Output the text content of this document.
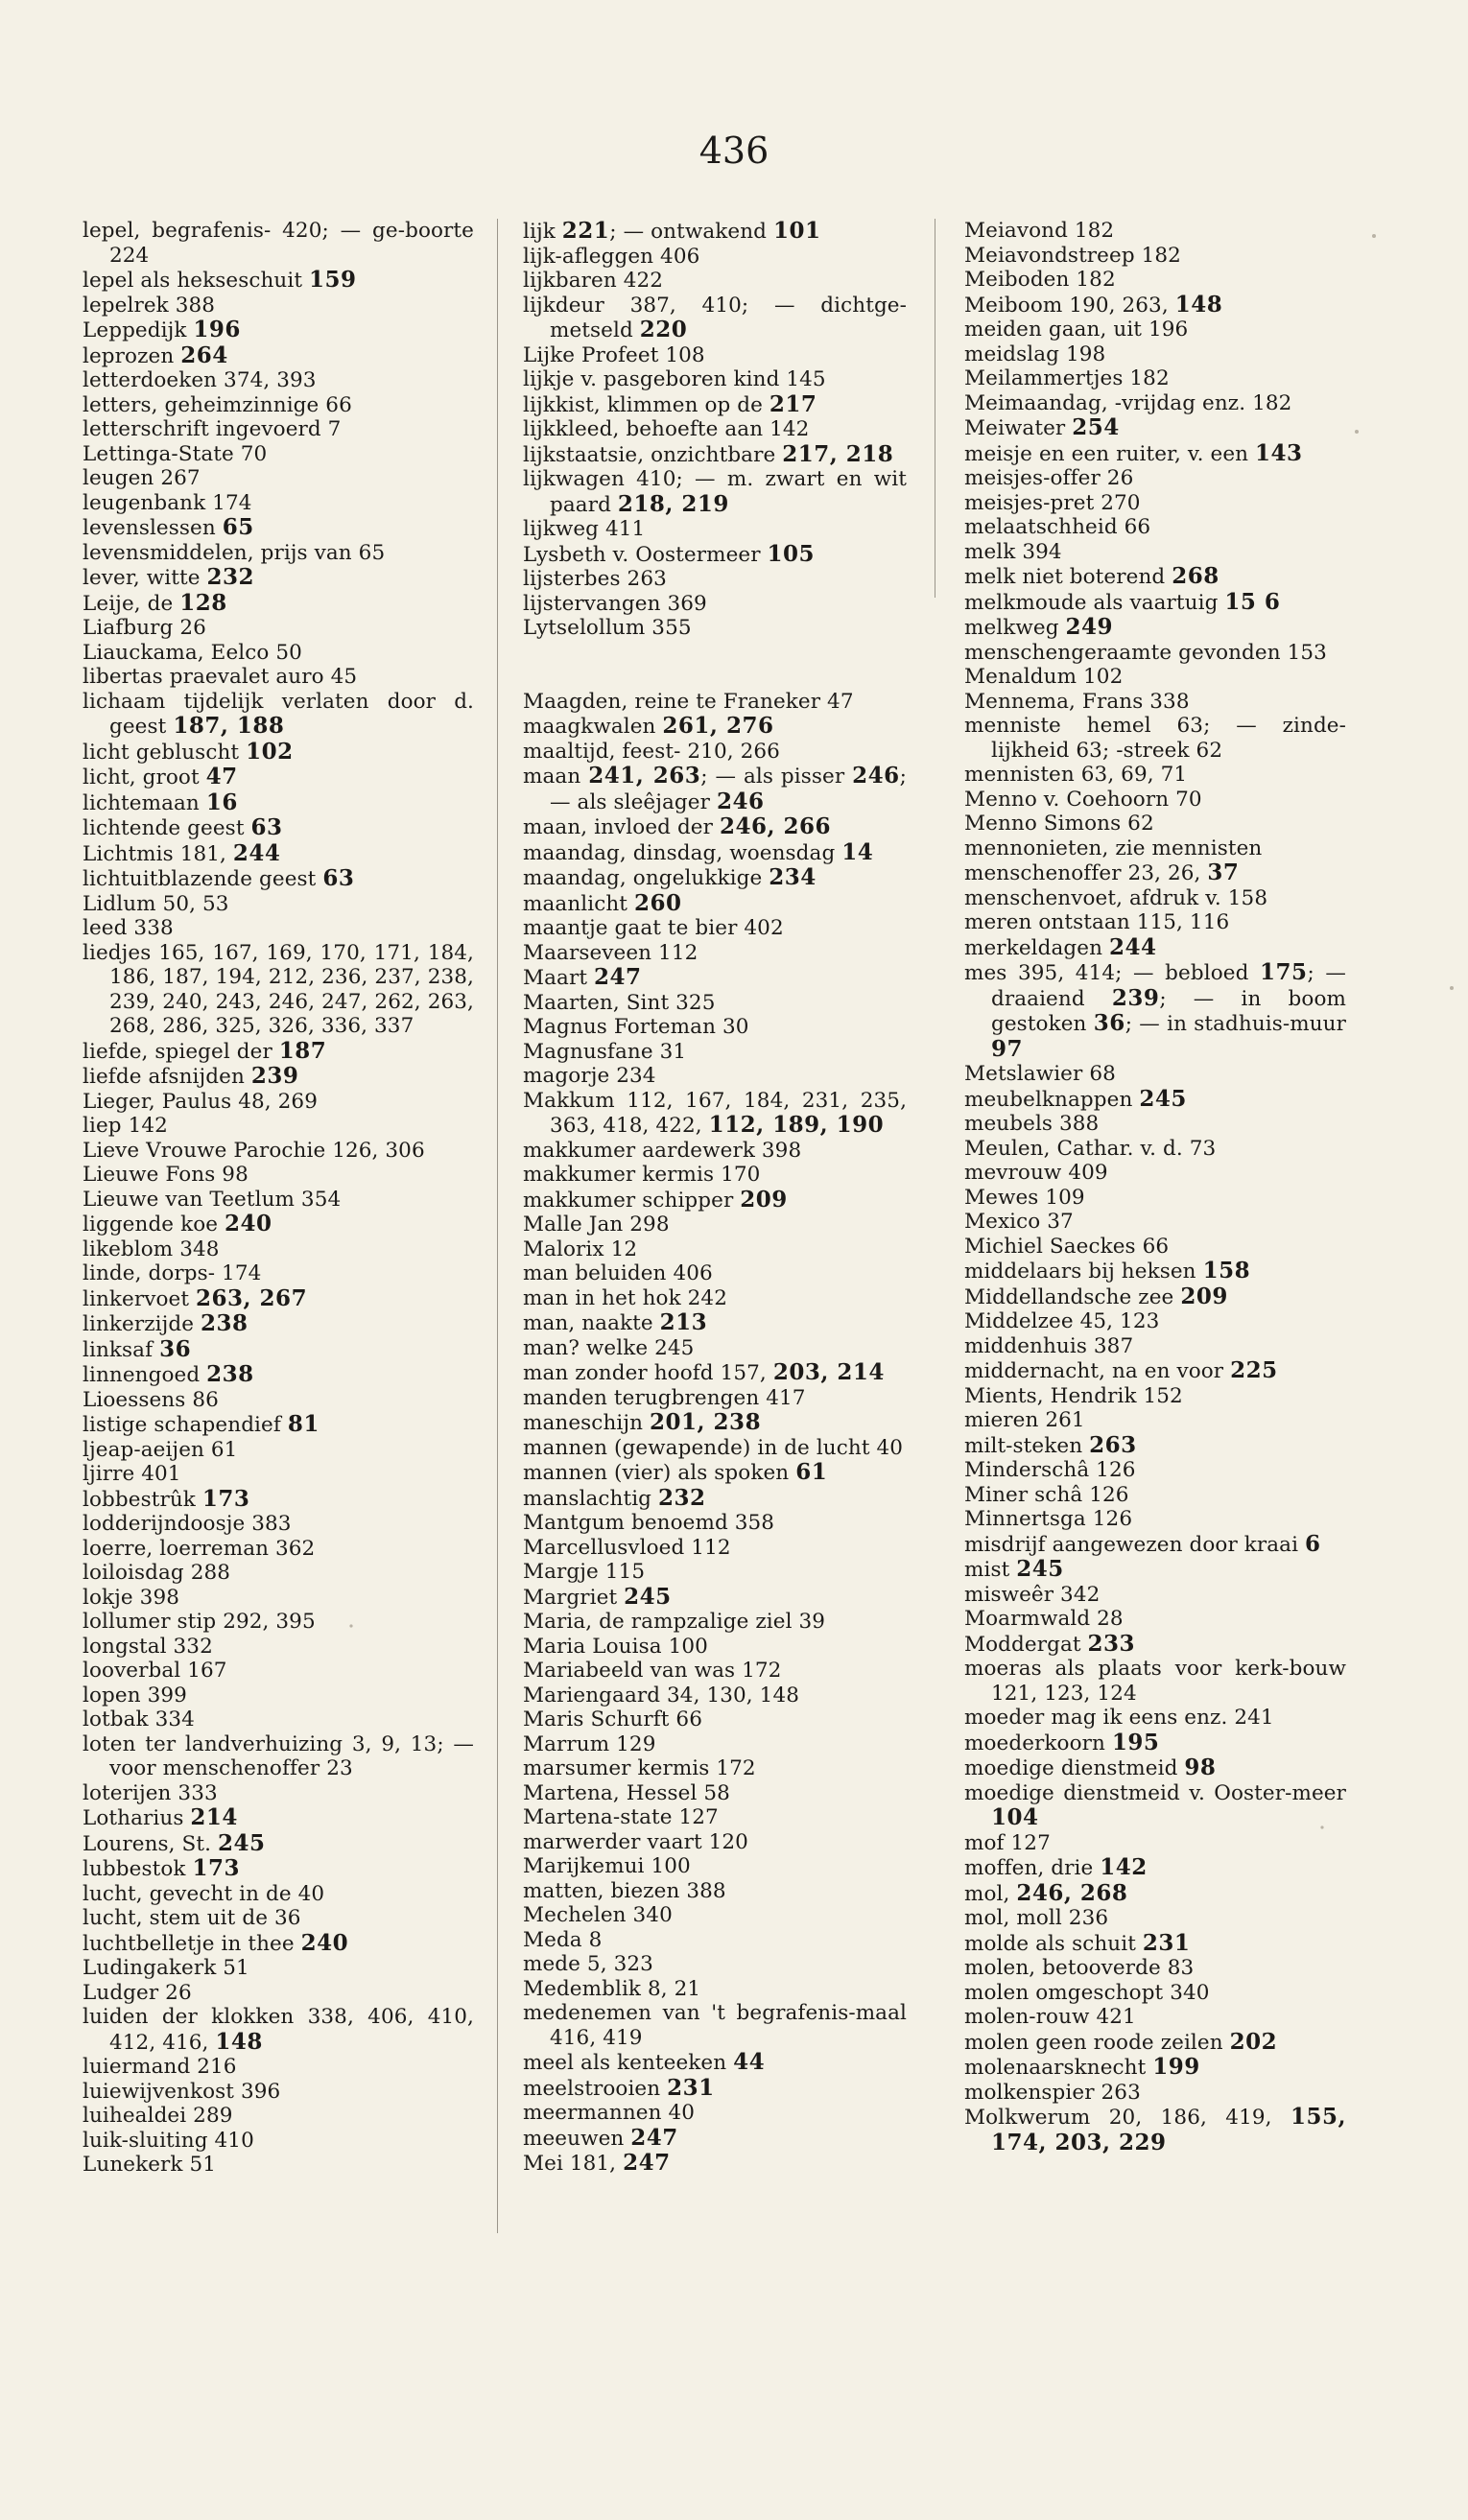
436
lepel, begrafenis- 420; — ge-boorte 224
lepel als hekseschuit 159
lepelrek 388
Leppedijk 196
leprozen 264
letterdoeken 374, 393
letters, geheimzinnige 66
letterschrift ingevoerd 7
Lettinga-State 70
leugen 267
leugenbank 174
levenslessen 65
levensmiddelen, prijs van 65
lever, witte 232
Leije, de 128
Liafburg 26
Liauckama, Eelco 50
libertas praevalet auro 45
lichaam tijdelijk verlaten door d. geest 187, 188
licht gebluscht 102
licht, groot 47
lichtemaan 16
lichtende geest 63
Lichtmis 181, 244
lichtuitblazende geest 63
Lidlum 50, 53
leed 338
liedjes 165, 167, 169, 170, 171, 184, 186, 187, 194, 212, 236, 237, 238, 239, 240, 243, 246, 247, 262, 263, 268, 286, 325, 326, 336, 337
liefde, spiegel der 187
liefde afsnijden 239
Lieger, Paulus 48, 269
liep 142
Lieve Vrouwe Parochie 126, 306
Lieuwe Fons 98
Lieuwe van Teetlum 354
liggende koe 240
likeblom 348
linde, dorps- 174
linkervoet 263, 267
linkerzijde 238
linksaf 36
linnengoed 238
Lioessens 86
listige schapendief 81
ljeap-aeijen 61
ljirre 401
lobbestrûk 173
lodderijndoosje 383
loerre, loerreman 362
loiloisdag 288
lokje 398
lollumer stip 292, 395
longstal 332
looverbal 167
lopen 399
lotbak 334
loten ter landverhuizing 3, 9, 13; — voor menschenoffer 23
loterijen 333
Lotharius 214
Lourens, St. 245
lubbestok 173
lucht, gevecht in de 40
lucht, stem uit de 36
luchtbelletje in thee 240
Ludingakerk 51
Ludger 26
luiden der klokken 338, 406, 410, 412, 416, 148
luiermand 216
luiewijvenkost 396
luihealdei 289
luik-sluiting 410
Lunekerk 51
lijk 221; — ontwakend 101
lijk-afleggen 406
lijkbaren 422
lijkdeur 387, 410; — dichtge-metseld 220
Lijke Profeet 108
lijkje v. pasgeboren kind 145
lijkkist, klimmen op de 217
lijkkleed, behoefte aan 142
lijkstaatsie, onzichtbare 217, 218
lijkwagen 410; — m. zwart en wit paard 218, 219
lijkweg 411
Lysbeth v. Oostermeer 105
lijsterbes 263
lijstervangen 369
Lytselollum 355
Maagden, reine te Franeker 47
maagkwalen 261, 276
maaltijd, feest- 210, 266
maan 241, 263; — als pisser 246; — als sleêjager 246
maan, invloed der 246, 266
maandag, dinsdag, woensdag 14
maandag, ongelukkige 234
maanlicht 260
maantje gaat te bier 402
Maarseveen 112
Maart 247
Maarten, Sint 325
Magnus Forteman 30
Magnusfane 31
magorje 234
Makkum 112, 167, 184, 231, 235, 363, 418, 422, 112, 189, 190
makkumer aardewerk 398
makkumer kermis 170
makkumer schipper 209
Malle Jan 298
Malorix 12
man beluiden 406
man in het hok 242
man, naakte 213
man? welke 245
man zonder hoofd 157, 203, 214
manden terugbrengen 417
maneschijn 201, 238
mannen (gewapende) in de lucht 40
mannen (vier) als spoken 61
manslachtig 232
Mantgum benoemd 358
Marcellusvloed 112
Margje 115
Margriet 245
Maria, de rampzalige ziel 39
Maria Louisa 100
Mariabeeld van was 172
Mariengaard 34, 130, 148
Maris Schurft 66
Marrum 129
marsumer kermis 172
Martena, Hessel 58
Martena-state 127
marwerder vaart 120
Marijkemui 100
matten, biezen 388
Mechelen 340
Meda 8
mede 5, 323
Medemblik 8, 21
medenemen van 't begrafenis-maal 416, 419
meel als kenteeken 44
meelstrooien 231
meermannen 40
meeuwen 247
Mei 181, 247
Meiavond 182
Meiavondstreep 182
Meiboden 182
Meiboom 190, 263, 148
meiden gaan, uit 196
meidslag 198
Meilammertjes 182
Meimaandag, -vrijdag enz. 182
Meiwater 254
meisje en een ruiter, v. een 143
meisjes-offer 26
meisjes-pret 270
melaatschheid 66
melk 394
melk niet boterend 268
melkmoude als vaartuig 15 6
melkweg 249
menschengeraamte gevonden 153
Menaldum 102
Mennema, Frans 338
menniste hemel 63; — zinde-lijkheid 63; -streek 62
mennisten 63, 69, 71
Menno v. Coehoorn 70
Menno Simons 62
mennonieten, zie mennisten
menschenoffer 23, 26, 37
menschenvoet, afdruk v. 158
meren ontstaan 115, 116
merkeldagen 244
mes 395, 414; — bebloed 175; — draaiend 239; — in boom gestoken 36; — in stadhuis-muur 97
Metslawier 68
meubelknappen 245
meubels 388
Meulen, Cathar. v. d. 73
mevrouw 409
Mewes 109
Mexico 37
Michiel Saeckes 66
middelaars bij heksen 158
Middellandsche zee 209
Middelzee 45, 123
middenhuis 387
middernacht, na en voor 225
Mients, Hendrik 152
mieren 261
milt-steken 263
Minderschâ 126
Miner schâ 126
Minnertsga 126
misdrijf aangewezen door kraai 6
mist 245
misweêr 342
Moarmwald 28
Moddergat 233
moeras als plaats voor kerk-bouw 121, 123, 124
moeder mag ik eens enz. 241
moederkoorn 195
moedige dienstmeid 98
moedige dienstmeid v. Ooster-meer 104
mof 127
moffen, drie 142
mol, 246, 268
mol, moll 236
molde als schuit 231
molen, betooverde 83
molen omgeschopt 340
molen-rouw 421
molen geen roode zeilen 202
molenaarsknecht 199
molkenspier 263
Molkwerum 20, 186, 419, 155, 174, 203, 229
